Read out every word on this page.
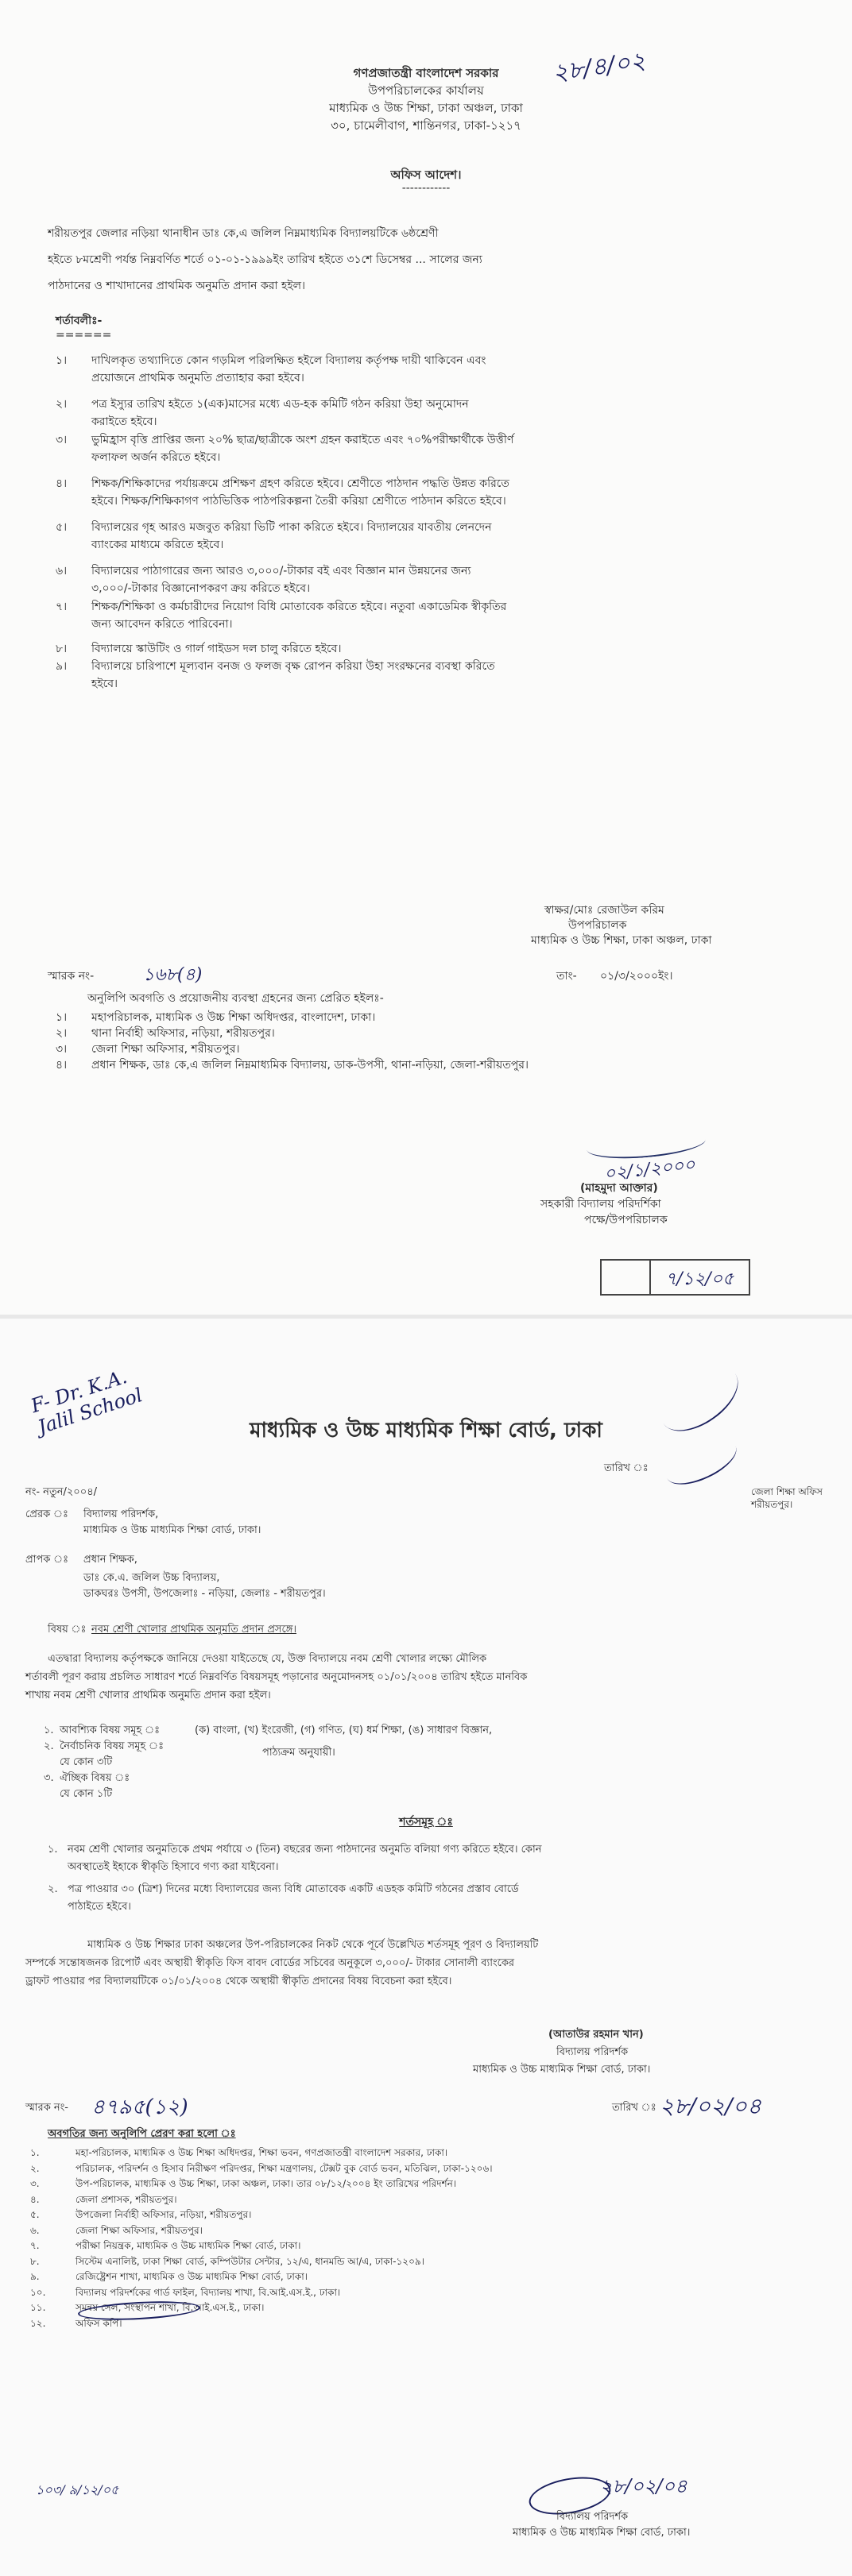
গণপ্রজাতন্ত্রী বাংলাদেশ সরকার
উপপরিচালকের কার্যালয়
মাধ্যমিক ও উচ্চ শিক্ষা, ঢাকা অঞ্চল, ঢাকা
৩০, চামেলীবাগ, শান্তিনগর, ঢাকা-১২১৭
২৮/৪/০২
অফিস আদেশ।
------------
শরীয়তপুর জেলার নড়িয়া থানাধীন ডাঃ কে,এ জলিল নিম্নমাধ্যমিক বিদ্যালয়টিকে ৬ষ্ঠশ্রেণী
হইতে ৮মশ্রেণী পর্যন্ত নিম্নবর্ণিত শর্তে ০১-০১-১৯৯৯ইং তারিখ হইতে ৩১শে ডিসেম্বর ... সালের জন্য
পাঠদানের ও শাখাদানের প্রাথমিক অনুমতি প্রদান করা হইল।
শর্তাবলীঃ-
======
১। দাখিলকৃত তথ্যাদিতে কোন গড়মিল পরিলক্ষিত হইলে বিদ্যালয় কর্তৃপক্ষ দায়ী থাকিবেন এবং
প্রয়োজনে প্রাথমিক অনুমতি প্রত্যাহার করা হইবে।
২। পত্র ইস্যুর তারিখ হইতে ১(এক)মাসের মধ্যে এড-হক কমিটি গঠন করিয়া উহা অনুমোদন
করাইতে হইবে।
৩। ভুমিহ্রাস বৃত্তি প্রাপ্তির জন্য ২০% ছাত্র/ছাত্রীকে অংশ গ্রহন করাইতে এবং ৭০%পরীক্ষার্থীকে উত্তীর্ণ
ফলাফল অর্জন করিতে হইবে।
৪। শিক্ষক/শিক্ষিকাদের পর্যায়ক্রমে প্রশিক্ষণ গ্রহণ করিতে হইবে। শ্রেণীতে পাঠদান পদ্ধতি উন্নত করিতে
হইবে। শিক্ষক/শিক্ষিকাগণ পাঠভিত্তিক পাঠপরিকল্পনা তৈরী করিয়া শ্রেণীতে পাঠদান করিতে হইবে।
৫। বিদ্যালয়ের গৃহ আরও মজবুত করিয়া ভিটি পাকা করিতে হইবে। বিদ্যালয়ের যাবতীয় লেনদেন
ব্যাংকের মাধ্যমে করিতে হইবে।
৬। বিদ্যালয়ের পাঠাগারের জন্য আরও ৩,০০০/-টাকার বই এবং বিজ্ঞান মান উন্নয়নের জন্য
৩,০০০/-টাকার বিজ্ঞানোপকরণ ক্রয় করিতে হইবে।
৭। শিক্ষক/শিক্ষিকা ও কর্মচারীদের নিয়োগ বিধি মোতাবেক করিতে হইবে। নতুবা একাডেমিক স্বীকৃতির
জন্য আবেদন করিতে পারিবেনা।
৮। বিদ্যালয়ে স্কাউটিং ও গার্ল গাইডস দল চালু করিতে হইবে।
৯। বিদ্যালয়ে চারিপাশে মূল্যবান বনজ ও ফলজ বৃক্ষ রোপন করিয়া উহা সংরক্ষনের ব্যবস্থা করিতে
হইবে।
স্বাক্ষর/মোঃ রেজাউল করিম
উপপরিচালক
মাধ্যমিক ও উচ্চ শিক্ষা, ঢাকা অঞ্চল, ঢাকা
স্মারক নং-	১৬৮(৪)	তাং- ০১/৩/২০০০ইং।
অনুলিপি অবগতি ও প্রয়োজনীয় ব্যবস্থা গ্রহনের জন্য প্রেরিত হইলঃ-
১। মহাপরিচালক, মাধ্যমিক ও উচ্চ শিক্ষা অধিদপ্তর, বাংলাদেশ, ঢাকা।
২। থানা নির্বাহী অফিসার, নড়িয়া, শরীয়তপুর।
৩। জেলা শিক্ষা অফিসার, শরীয়তপুর।
৪। প্রধান শিক্ষক, ডাঃ কে,এ জলিল নিম্নমাধ্যমিক বিদ্যালয়, ডাক-উপসী, থানা-নড়িয়া, জেলা-শরীয়তপুর।
০২/১/২০০০
(মাহমুদা আক্তার)
সহকারী বিদ্যালয় পরিদর্শিকা
পক্ষে/উপপরিচালক
৭/১২/০৫
F- Dr. K.A. Jalil School	মাধ্যমিক ও উচ্চ মাধ্যমিক শিক্ষা বোর্ড, ঢাকা
তারিখ ঃ
নং- নতুন/২০০৪/
প্রেরক ঃ বিদ্যালয় পরিদর্শক,
মাধ্যমিক ও উচ্চ মাধ্যমিক শিক্ষা বোর্ড, ঢাকা।
প্রাপক ঃ প্রধান শিক্ষক,
ডাঃ কে.এ. জলিল উচ্চ বিদ্যালয়,
ডাকঘরঃ উপসী, উপজেলাঃ - নড়িয়া, জেলাঃ - শরীয়তপুর।
বিষয় ঃ নবম শ্রেণী খোলার প্রাথমিক অনুমতি প্রদান প্রসঙ্গে।
জেলা শিক্ষা অফিস শরীয়তপুর।
এতদ্বারা বিদ্যালয় কর্তৃপক্ষকে জানিয়ে দেওয়া যাইতেছে যে, উক্ত বিদ্যালয়ে নবম শ্রেণী খোলার লক্ষ্যে মৌলিক
শর্তাবলী পূরণ করায় প্রচলিত সাধারণ শর্তে নিম্নবর্ণিত বিষয়সমূহ পড়ানোর অনুমোদনসহ ০১/০১/২০০৪ তারিখ হইতে মানবিক
শাখায় নবম শ্রেণী খোলার প্রাথমিক অনুমতি প্রদান করা হইল।
১. আবশ্যিক বিষয় সমূহ ঃ	(ক) বাংলা, (খ) ইংরেজী, (গ) গণিত, (ঘ) ধর্ম শিক্ষা, (ঙ) সাধারণ বিজ্ঞান,
২. নৈর্বাচনিক বিষয় সমূহ ঃ
পাঠ্যক্রম অনুযায়ী।
যে কোন ৩টি
৩. ঐচ্ছিক বিষয় ঃ
যে কোন ১টি
শর্তসমূহ ঃ
১. নবম শ্রেণী খোলার অনুমতিকে প্রথম পর্যায়ে ৩ (তিন) বছরের জন্য পাঠদানের অনুমতি বলিয়া গণ্য করিতে হইবে। কোন
অবস্থাতেই ইহাকে স্বীকৃতি হিসাবে গণ্য করা যাইবেনা।
২. পত্র পাওয়ার ৩০ (ত্রিশ) দিনের মধ্যে বিদ্যালয়ের জন্য বিধি মোতাবেক একটি এডহক কমিটি গঠনের প্রস্তাব বোর্ডে
পাঠাইতে হইবে।
মাধ্যমিক ও উচ্চ শিক্ষার ঢাকা অঞ্চলের উপ-পরিচালকের নিকট থেকে পূর্বে উল্লেখিত শর্তসমূহ পূরণ ও বিদ্যালয়টি
সম্পর্কে সন্তোষজনক রিপোর্ট এবং অস্থায়ী স্বীকৃতি ফিস বাবদ বোর্ডের সচিবের অনুকূলে ৩,০০০/- টাকার সোনালী ব্যাংকের
ড্রাফট পাওয়ার পর বিদ্যালয়টিকে ০১/০১/২০০৪ থেকে অস্থায়ী স্বীকৃতি প্রদানের বিষয় বিবেচনা করা হইবে।
(আতাউর রহমান খান)
বিদ্যালয় পরিদর্শক
মাধ্যমিক ও উচ্চ মাধ্যমিক শিক্ষা বোর্ড, ঢাকা।
স্মারক নং- ৪৭৯৫(১২)	তারিখ ঃ ২৮/০২/০৪
অবগতির জন্য অনুলিপি প্রেরণ করা হলো ঃ
১.	মহা-পরিচালক, মাধ্যমিক ও উচ্চ শিক্ষা অধিদপ্তর, শিক্ষা ভবন, গণপ্রজাতন্ত্রী বাংলাদেশ সরকার, ঢাকা।
২.	পরিচালক, পরিদর্শন ও হিসাব নিরীক্ষণ পরিদপ্তর, শিক্ষা মন্ত্রণালয়, টেক্সট বুক বোর্ড ভবন, মতিঝিল, ঢাকা-১২০৬।
৩.	উপ-পরিচালক, মাধ্যমিক ও উচ্চ শিক্ষা, ঢাকা অঞ্চল, ঢাকা। তার ০৮/১২/২০০৪ ইং তারিখের পরিদর্শন।
৪.	জেলা প্রশাসক, শরীয়তপুর।
৫.	উপজেলা নির্বাহী অফিসার, নড়িয়া, শরীয়তপুর।
৬.	জেলা শিক্ষা অফিসার, শরীয়তপুর।
৭.	পরীক্ষা নিয়ন্ত্রক, মাধ্যমিক ও উচ্চ মাধ্যমিক শিক্ষা বোর্ড, ঢাকা।
৮.	সিস্টেম এনালিষ্ট, ঢাকা শিক্ষা বোর্ড, কম্পিউটার সেন্টার, ১২/এ, ধানমন্ডি আ/এ, ঢাকা-১২০৯।
৯.	রেজিষ্ট্রেশন শাখা, মাধ্যমিক ও উচ্চ মাধ্যমিক শিক্ষা বোর্ড, ঢাকা।
১০.	বিদ্যালয় পরিদর্শকের গার্ড ফাইল, বিদ্যালয় শাখা, বি.আই.এস.ই., ঢাকা।
১১.	সমন্বয় সেল, সংস্থাপন শাখা, বি.আই.এস.ই., ঢাকা।
১২.	অফিস কপি।
১০৩/ ৯/১২/০৫	২৮/০২/০৪
বিদ্যালয় পরিদর্শক
মাধ্যমিক ও উচ্চ মাধ্যমিক শিক্ষা বোর্ড, ঢাকা।
